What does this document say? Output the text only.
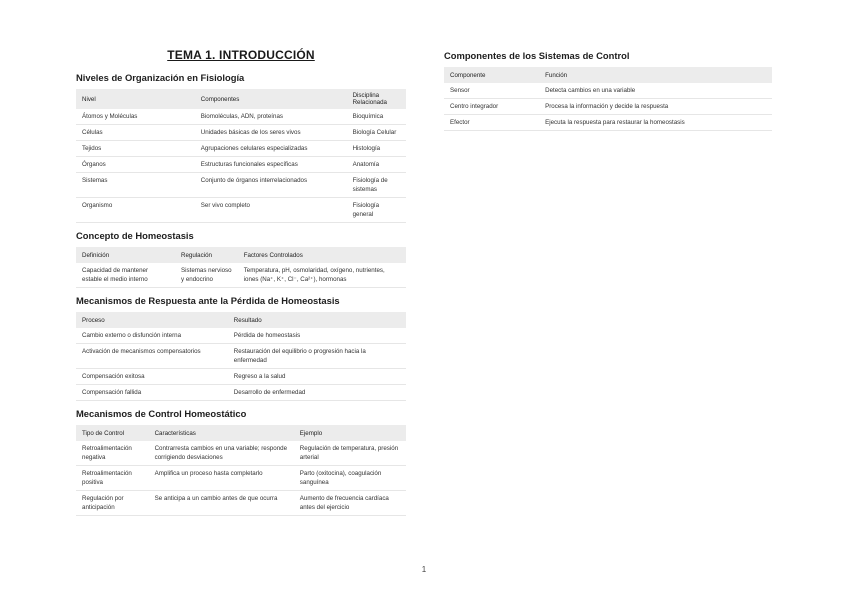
TEMA 1. INTRODUCCIÓN
Niveles de Organización en Fisiología
Nivel	Componentes	Disciplina Relacionada
Átomos y Moléculas	Biomoléculas, ADN, proteínas	Bioquímica
Células	Unidades básicas de los seres vivos	Biología Celular
Tejidos	Agrupaciones celulares especializadas	Histología
Órganos	Estructuras funcionales específicas	Anatomía
Sistemas	Conjunto de órganos interrelacionados	Fisiología de sistemas
Organismo	Ser vivo completo	Fisiología general
Concepto de Homeostasis
Definición	Regulación	Factores Controlados
Capacidad de mantener estable el medio interno	Sistemas nervioso y endocrino	Temperatura, pH, osmolaridad, oxígeno, nutrientes, iones (Na⁺, K⁺, Cl⁻, Ca²⁺), hormonas
Mecanismos de Respuesta ante la Pérdida de Homeostasis
Proceso	Resultado
Cambio externo o disfunción interna	Pérdida de homeostasis
Activación de mecanismos compensatorios	Restauración del equilibrio o progresión hacia la enfermedad
Compensación exitosa	Regreso a la salud
Compensación fallida	Desarrollo de enfermedad
Mecanismos de Control Homeostático
Tipo de Control	Características	Ejemplo
Retroalimentación negativa	Contrarresta cambios en una variable; responde corrigiendo desviaciones	Regulación de temperatura, presión arterial
Retroalimentación positiva	Amplifica un proceso hasta completarlo	Parto (oxitocina), coagulación sanguínea
Regulación por anticipación	Se anticipa a un cambio antes de que ocurra	Aumento de frecuencia cardíaca antes del ejercicio
Componentes de los Sistemas de Control
Componente	Función
Sensor	Detecta cambios en una variable
Centro integrador	Procesa la información y decide la respuesta
Efector	Ejecuta la respuesta para restaurar la homeostasis
1
